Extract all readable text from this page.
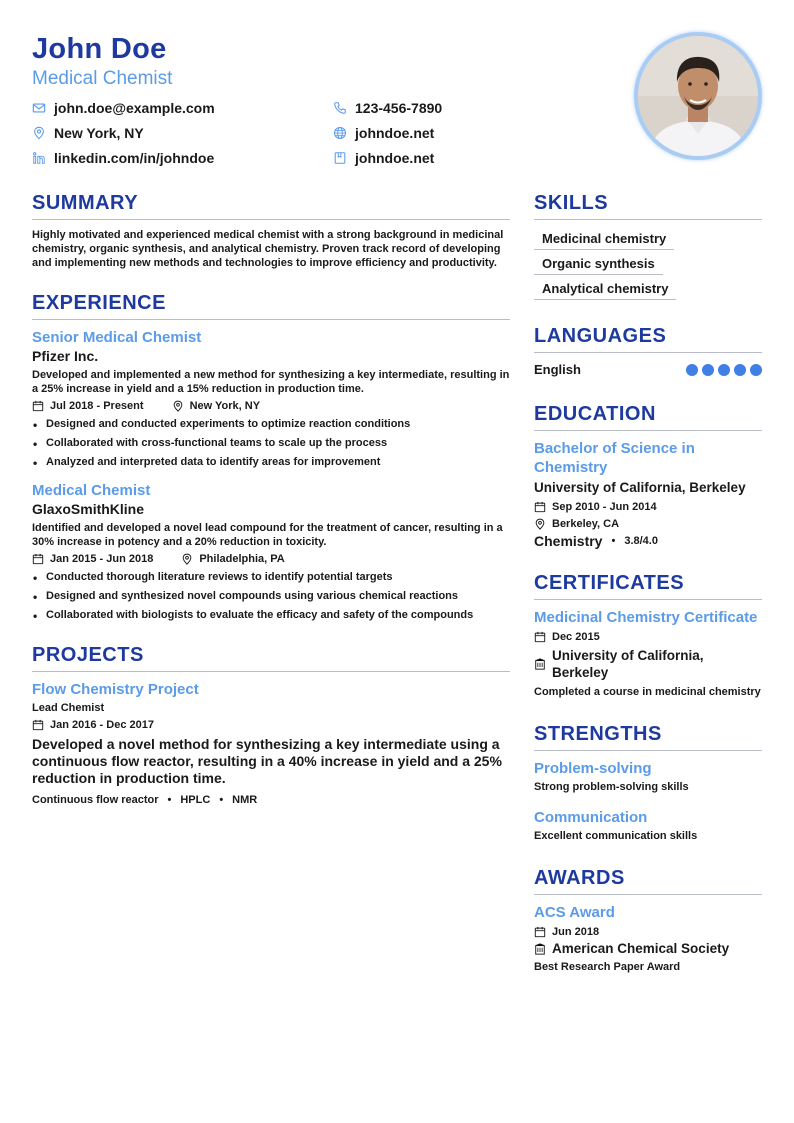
John Doe
Medical Chemist
john.doe@example.com	123-456-7890
New York, NY	johndoe.net
linkedin.com/in/johndoe	johndoe.net
SUMMARY
Highly motivated and experienced medical chemist with a strong background in medicinal chemistry, organic synthesis, and analytical chemistry. Proven track record of developing and implementing new methods and technologies to improve efficiency and productivity.
EXPERIENCE
Senior Medical Chemist
Pfizer Inc.
Developed and implemented a new method for synthesizing a key intermediate, resulting in a 25% increase in yield and a 15% reduction in production time.
Jul 2018 - Present	New York, NY
• Designed and conducted experiments to optimize reaction conditions
• Collaborated with cross-functional teams to scale up the process
• Analyzed and interpreted data to identify areas for improvement
Medical Chemist
GlaxoSmithKline
Identified and developed a novel lead compound for the treatment of cancer, resulting in a 30% increase in potency and a 20% reduction in toxicity.
Jan 2015 - Jun 2018	Philadelphia, PA
• Conducted thorough literature reviews to identify potential targets
• Designed and synthesized novel compounds using various chemical reactions
• Collaborated with biologists to evaluate the efficacy and safety of the compounds
PROJECTS
Flow Chemistry Project
Lead Chemist
Jan 2016 - Dec 2017
Developed a novel method for synthesizing a key intermediate using a continuous flow reactor, resulting in a 40% increase in yield and a 25% reduction in production time.
Continuous flow reactor • HPLC • NMR
SKILLS
Medicinal chemistry
Organic synthesis
Analytical chemistry
LANGUAGES
English
EDUCATION
Bachelor of Science in Chemistry
University of California, Berkeley
Sep 2010 - Jun 2014
Berkeley, CA
Chemistry • 3.8/4.0
CERTIFICATES
Medicinal Chemistry Certificate
Dec 2015
University of California, Berkeley
Completed a course in medicinal chemistry
STRENGTHS
Problem-solving
Strong problem-solving skills
Communication
Excellent communication skills
AWARDS
ACS Award
Jun 2018
American Chemical Society
Best Research Paper Award
